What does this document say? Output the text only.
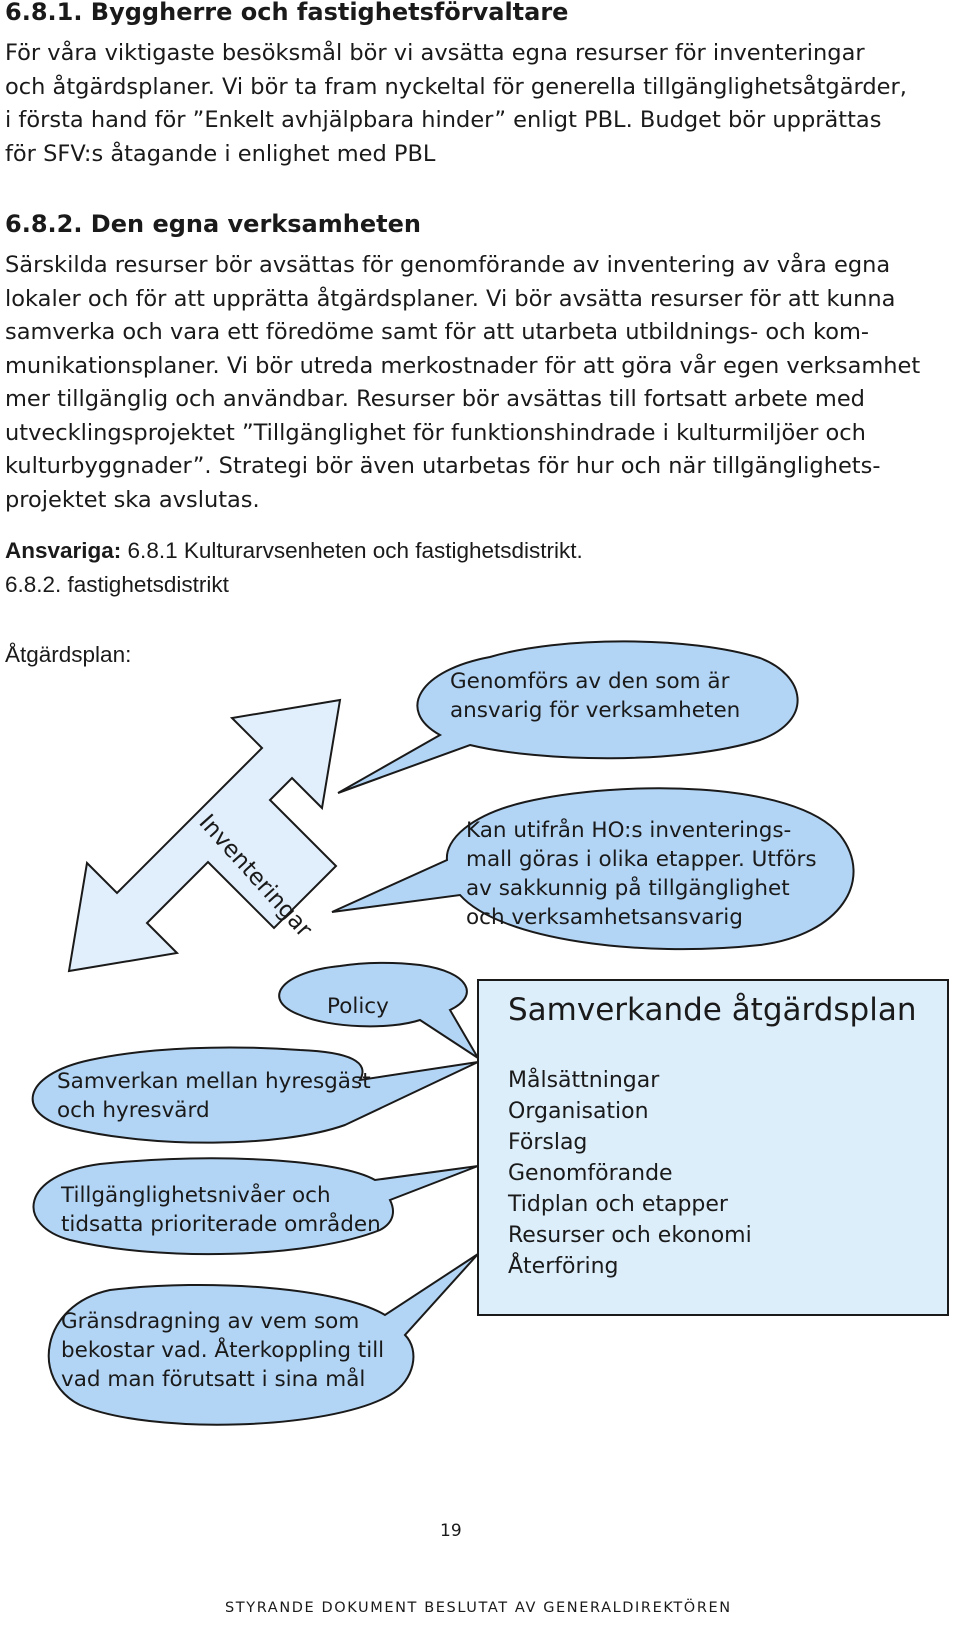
6.8.1. Byggherre och fastighetsförvaltare
För våra viktigaste besöksmål bör vi avsätta egna resurser för inventeringar
och åtgärdsplaner. Vi bör ta fram nyckeltal för generella tillgänglighetsåtgärder,
i första hand för ”Enkelt avhjälpbara hinder” enligt PBL. Budget bör upprättas
för SFV:s åtagande i enlighet med PBL
6.8.2. Den egna verksamheten
Särskilda resurser bör avsättas för genomförande av inventering av våra egna
lokaler och för att upprätta åtgärdsplaner. Vi bör avsätta resurser för att kunna
samverka och vara ett föredöme samt för att utarbeta utbildnings- och kom-
munikationsplaner. Vi bör utreda merkostnader för att göra vår egen verksamhet
mer tillgänglig och användbar. Resurser bör avsättas till fortsatt arbete med
utvecklingsprojektet ”Tillgänglighet för funktionshindrade i kulturmiljöer och
kulturbyggnader”. Strategi bör även utarbetas för hur och när tillgänglighets-
projektet ska avslutas.
Ansvariga: 6.8.1 Kulturarvsenheten och fastighetsdistrikt.
6.8.2. fastighetsdistrikt
Åtgärdsplan:
Inventeringar
Genomförs av den som är
ansvarig för verksamheten
Kan utifrån HO:s inventerings-
mall göras i olika etapper. Utförs
av sakkunnig på tillgänglighet
och verksamhetsansvarig
Policy
Samverkan mellan hyresgäst
och hyresvärd
Tillgänglighetsnivåer och
tidsatta prioriterade områden
Gränsdragning av vem som
bekostar vad. Återkoppling till
vad man förutsatt i sina mål
Samverkande åtgärdsplan
Målsättningar
Organisation
Förslag
Genomförande
Tidplan och etapper
Resurser och ekonomi
Återföring
19
STYRANDE DOKUMENT BESLUTAT AV GENERALDIREKTÖREN
